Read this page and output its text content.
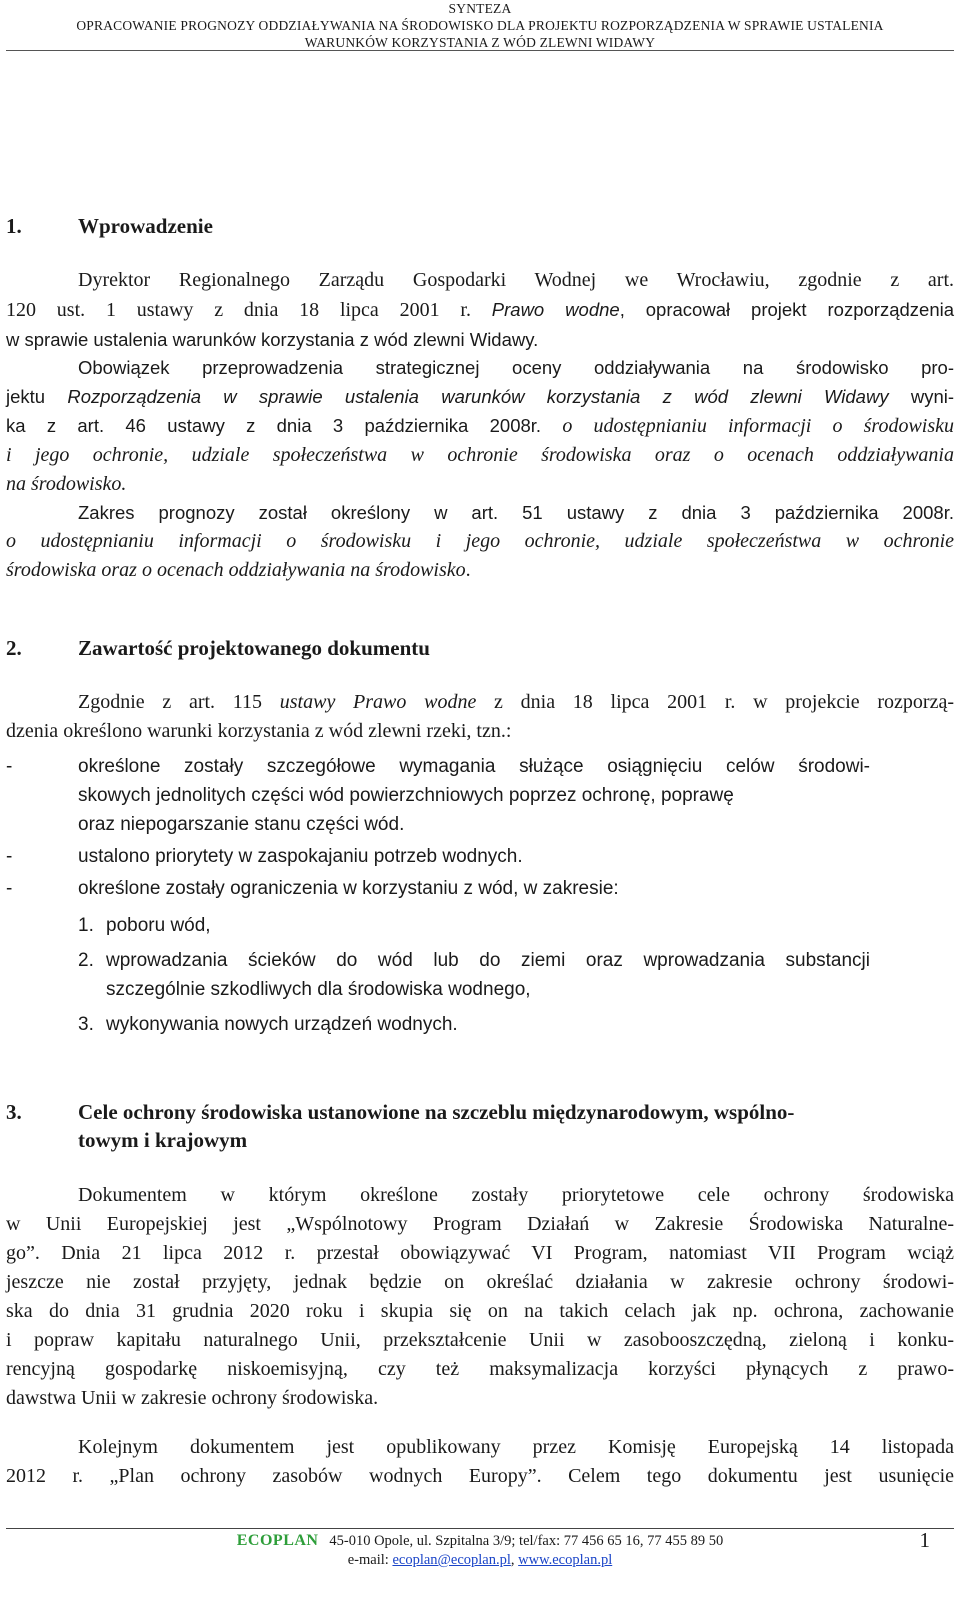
SYNTEZA
OPRACOWANIE PROGNOZY ODDZIAŁYWANIA NA ŚRODOWISKO DLA PROJEKTU ROZPORZĄDZENIA W SPRAWIE USTALENIA
WARUNKÓW KORZYSTANIA Z WÓD ZLEWNI WIDAWY
1.	Wprowadzenie
Dyrektor Regionalnego Zarządu Gospodarki Wodnej we Wrocławiu, zgodnie z art.
120 ust. 1 ustawy z dnia 18 lipca 2001 r. Prawo wodne, opracował projekt rozporządzenia
w sprawie ustalenia warunków korzystania z wód zlewni Widawy.
Obowiązek przeprowadzenia strategicznej oceny oddziaływania na środowisko pro-
jektu Rozporządzenia w sprawie ustalenia warunków korzystania z wód zlewni Widawy wyni-
ka z art. 46 ustawy z dnia 3 października 2008r. o udostępnianiu informacji o środowisku
i jego ochronie, udziale społeczeństwa w ochronie środowiska oraz o ocenach oddziaływania
na środowisko.
Zakres prognozy został określony w art. 51 ustawy z dnia 3 października 2008r.
o udostępnianiu informacji o środowisku i jego ochronie, udziale społeczeństwa w ochronie
środowiska oraz o ocenach oddziaływania na środowisko.
2.	Zawartość projektowanego dokumentu
Zgodnie z art. 115 ustawy Prawo wodne z dnia 18 lipca 2001 r. w projekcie rozporzą-
dzenia określono warunki korzystania z wód zlewni rzeki, tzn.:
-	określone zostały szczegółowe wymagania służące osiągnięciu celów środowi-
skowych jednolitych części wód powierzchniowych poprzez ochronę, poprawę
oraz niepogarszanie stanu części wód.
-	ustalono priorytety w zaspokajaniu potrzeb wodnych.
-	określone zostały ograniczenia w korzystaniu z wód, w zakresie:
1. poboru wód,
2. wprowadzania ścieków do wód lub do ziemi oraz wprowadzania substancji
szczególnie szkodliwych dla środowiska wodnego,
3. wykonywania nowych urządzeń wodnych.
3.	Cele ochrony środowiska ustanowione na szczeblu międzynarodowym, wspólno-
towym i krajowym
Dokumentem w którym określone zostały priorytetowe cele ochrony środowiska
w Unii Europejskiej jest „Wspólnotowy Program Działań w Zakresie Środowiska Naturalne-
go”. Dnia 21 lipca 2012 r. przestał obowiązywać VI Program, natomiast VII Program wciąż
jeszcze nie został przyjęty, jednak będzie on określać działania w zakresie ochrony środowi-
ska do dnia 31 grudnia 2020 roku i skupia się on na takich celach jak np. ochrona, zachowanie
i popraw kapitału naturalnego Unii, przekształcenie Unii w zasobooszczędną, zieloną i konku-
rencyjną gospodarkę niskoemisyjną, czy też maksymalizacja korzyści płynących z prawo-
dawstwa Unii w zakresie ochrony środowiska.
Kolejnym dokumentem jest opublikowany przez Komisję Europejską 14 listopada
2012 r. „Plan ochrony zasobów wodnych Europy”. Celem tego dokumentu jest usunięcie
ECOPLAN 45-010 Opole, ul. Szpitalna 3/9; tel/fax: 77 456 65 16, 77 455 89 50
e-mail: ecoplan@ecoplan.pl, www.ecoplan.pl
1
